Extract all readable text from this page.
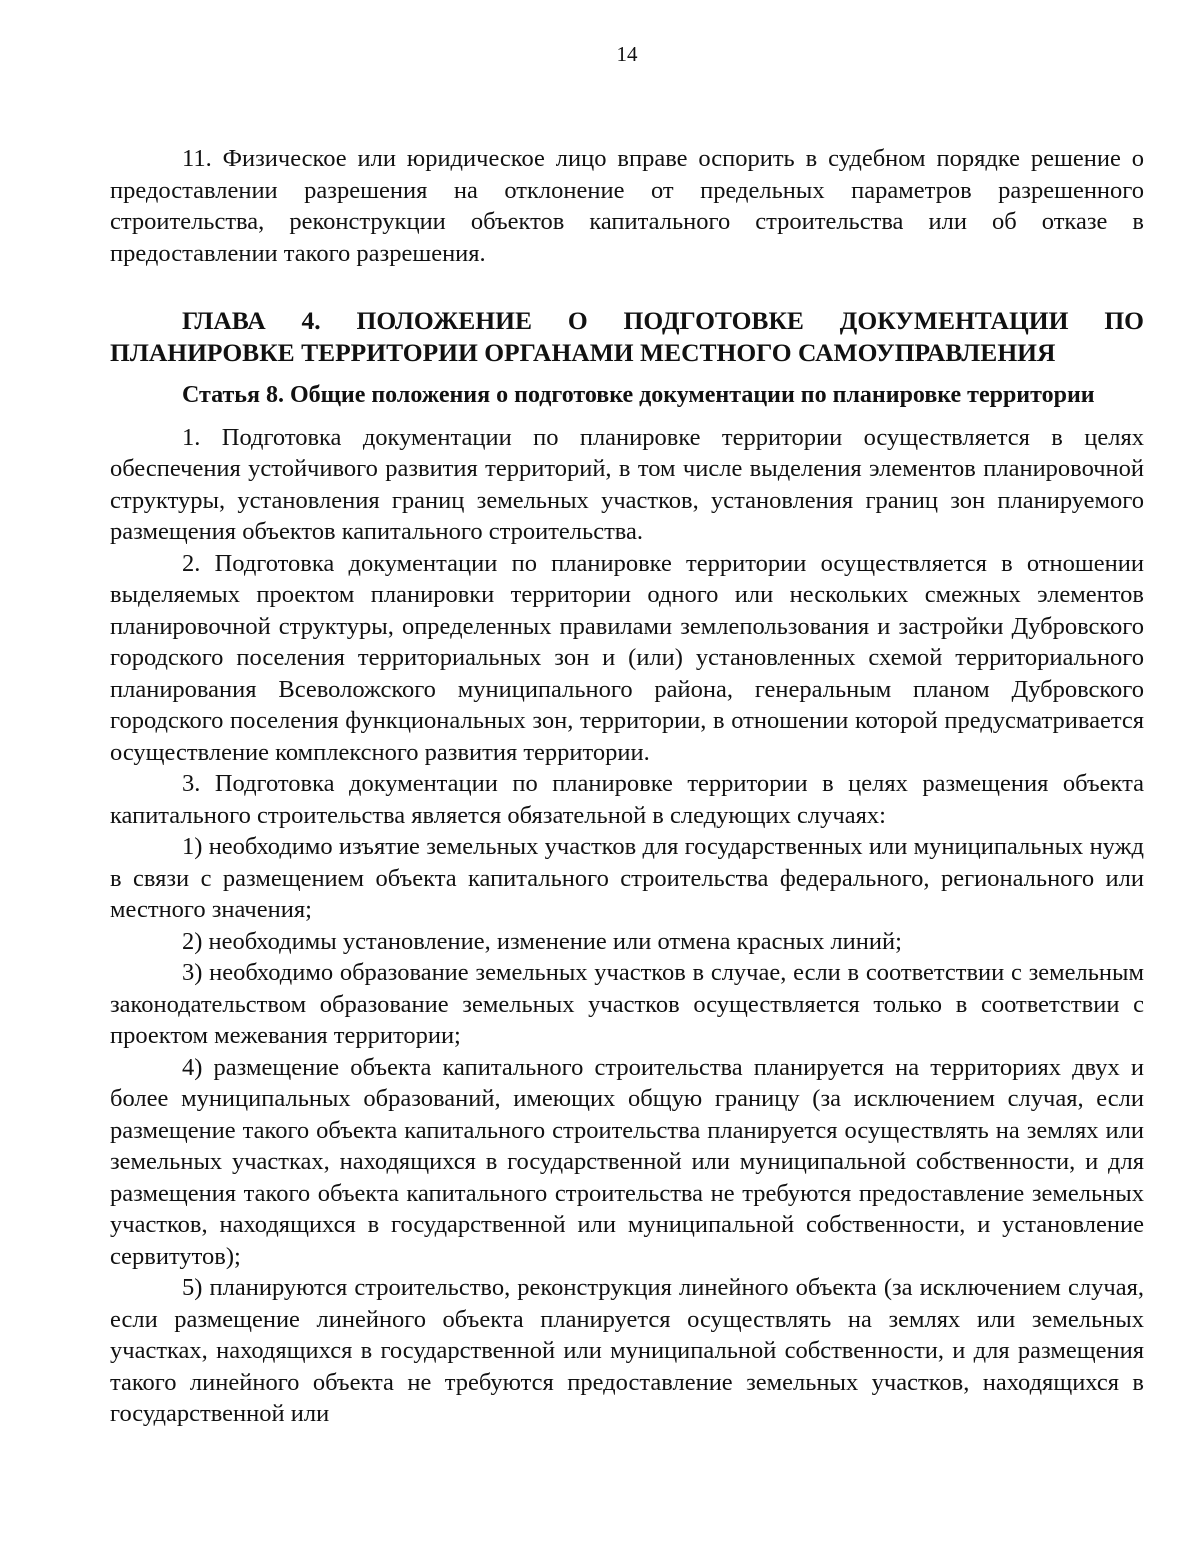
14

11. Физическое или юридическое лицо вправе оспорить в судебном порядке решение о предоставлении разрешения на отклонение от предельных параметров разрешенного строительства, реконструкции объектов капитального строительства или об отказе в предоставлении такого разрешения.

ГЛАВА 4. ПОЛОЖЕНИЕ О ПОДГОТОВКЕ ДОКУМЕНТАЦИИ ПО ПЛАНИРОВКЕ ТЕРРИТОРИИ ОРГАНАМИ МЕСТНОГО САМОУПРАВЛЕНИЯ
Статья 8. Общие положения о подготовке документации по планировке территории

1. Подготовка документации по планировке территории осуществляется в целях обеспечения устойчивого развития территорий, в том числе выделения элементов планировочной структуры, установления границ земельных участков, установления границ зон планируемого размещения объектов капитального строительства.

2. Подготовка документации по планировке территории осуществляется в отношении выделяемых проектом планировки территории одного или нескольких смежных элементов планировочной структуры, определенных правилами землепользования и застройки Дубровского городского поселения территориальных зон и (или) установленных схемой территориального планирования Всеволожского муниципального района, генеральным планом Дубровского городского поселения функциональных зон, территории, в отношении которой предусматривается осуществление комплексного развития территории.

3. Подготовка документации по планировке территории в целях размещения объекта капитального строительства является обязательной в следующих случаях:

1) необходимо изъятие земельных участков для государственных или муниципальных нужд в связи с размещением объекта капитального строительства федерального, регионального или местного значения;

2) необходимы установление, изменение или отмена красных линий;

3) необходимо образование земельных участков в случае, если в соответствии с земельным законодательством образование земельных участков осуществляется только в соответствии с проектом межевания территории;

4) размещение объекта капитального строительства планируется на территориях двух и более муниципальных образований, имеющих общую границу (за исключением случая, если размещение такого объекта капитального строительства планируется осуществлять на землях или земельных участках, находящихся в государственной или муниципальной собственности, и для размещения такого объекта капитального строительства не требуются предоставление земельных участков, находящихся в государственной или муниципальной собственности, и установление сервитутов);

5) планируются строительство, реконструкция линейного объекта (за исключением случая, если размещение линейного объекта планируется осуществлять на землях или земельных участках, находящихся в государственной или муниципальной собственности, и для размещения такого линейного объекта не требуются предоставление земельных участков, находящихся в государственной или
